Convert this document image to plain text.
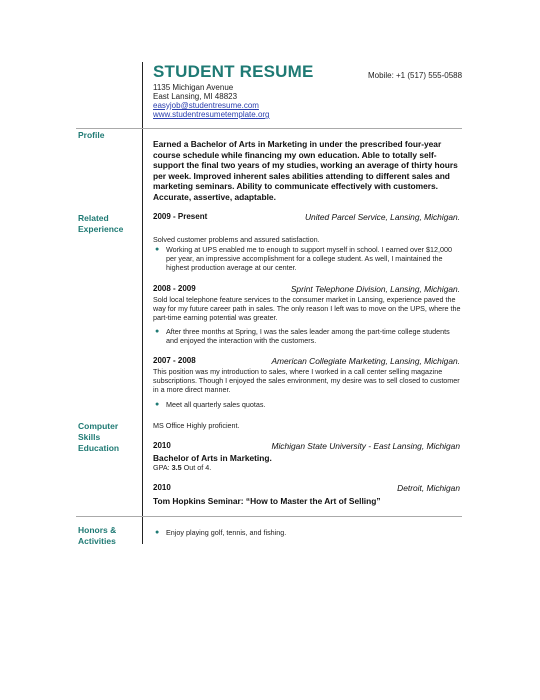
STUDENT RESUME	Mobile: +1 (517) 555-0588
1135 Michigan Avenue
East Lansing, MI 48823
easyjob@studentresume.com
www.studentresumetemplate.org
Profile
Earned a Bachelor of Arts in Marketing in under the prescribed four-year course schedule while financing my own education. Able to totally self-support the final two years of my studies, working an average of thirty hours per week. Improved inherent sales abilities attending to different sales and marketing seminars. Ability to communicate effectively with customers. Accurate, assertive, adaptable.
Related
Experience
2009 - Present	United Parcel Service, Lansing, Michigan.
Solved customer problems and assured satisfaction.
● Working at UPS enabled me to enough to support myself in school. I earned over $12,000 per year, an impressive accomplishment for a college student. As well, I maintained the highest production average at our center.
2008 - 2009	Sprint Telephone Division, Lansing, Michigan.
Sold local telephone feature services to the consumer market in Lansing, experience paved the way for my future career path in sales. The only reason I left was to move on the UPS, where the part-time earning potential was greater.
● After three months at Spring, I was the sales leader among the part-time college students and enjoyed the interaction with the customers.
2007 - 2008	American Collegiate Marketing, Lansing, Michigan.
This position was my introduction to sales, where I worked in a call center selling magazine subscriptions. Though I enjoyed the sales environment, my desire was to sell closed to customer in a more direct manner.
● Meet all quarterly sales quotas.
Computer
Skills
MS Office Highly proficient.
Education	2010	Michigan State University - East Lansing, Michigan
Bachelor of Arts in Marketing.
GPA: 3.5 Out of 4.
2010	Detroit, Michigan
Tom Hopkins Seminar: “How to Master the Art of Selling”
Honors &
Activities
● Enjoy playing golf, tennis, and fishing.
